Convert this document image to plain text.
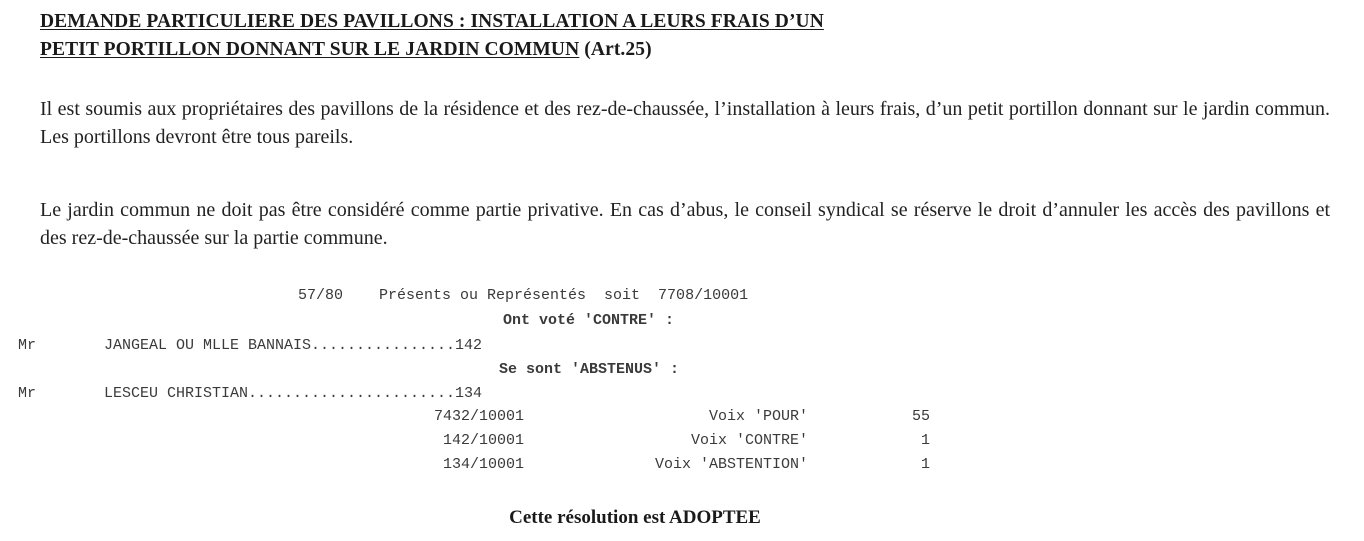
DEMANDE PARTICULIERE DES PAVILLONS : INSTALLATION A LEURS FRAIS D’UN
PETIT PORTILLON DONNANT SUR LE JARDIN COMMUN (Art.25)
Il est soumis aux propriétaires des pavillons de la résidence et des rez-de-chaussée, l’installation à leurs frais, d’un petit portillon donnant sur le jardin commun. Les portillons devront être tous pareils.
Le jardin commun ne doit pas être considéré comme partie privative. En cas d’abus, le conseil syndical se réserve le droit d’annuler les accès des pavillons et des rez-de-chaussée sur la partie commune.
57/80    Présents ou Représentés  soit  7708/10001
Ont voté 'CONTRE' :
Mr	JANGEAL OU MLLE BANNAIS................142
Se sont 'ABSTENUS' :
Mr	LESCEU CHRISTIAN.......................134
7432/10001	Voix 'POUR'	55
142/10001	Voix 'CONTRE'	1
134/10001	Voix 'ABSTENTION'	1
Cette résolution est ADOPTEE
